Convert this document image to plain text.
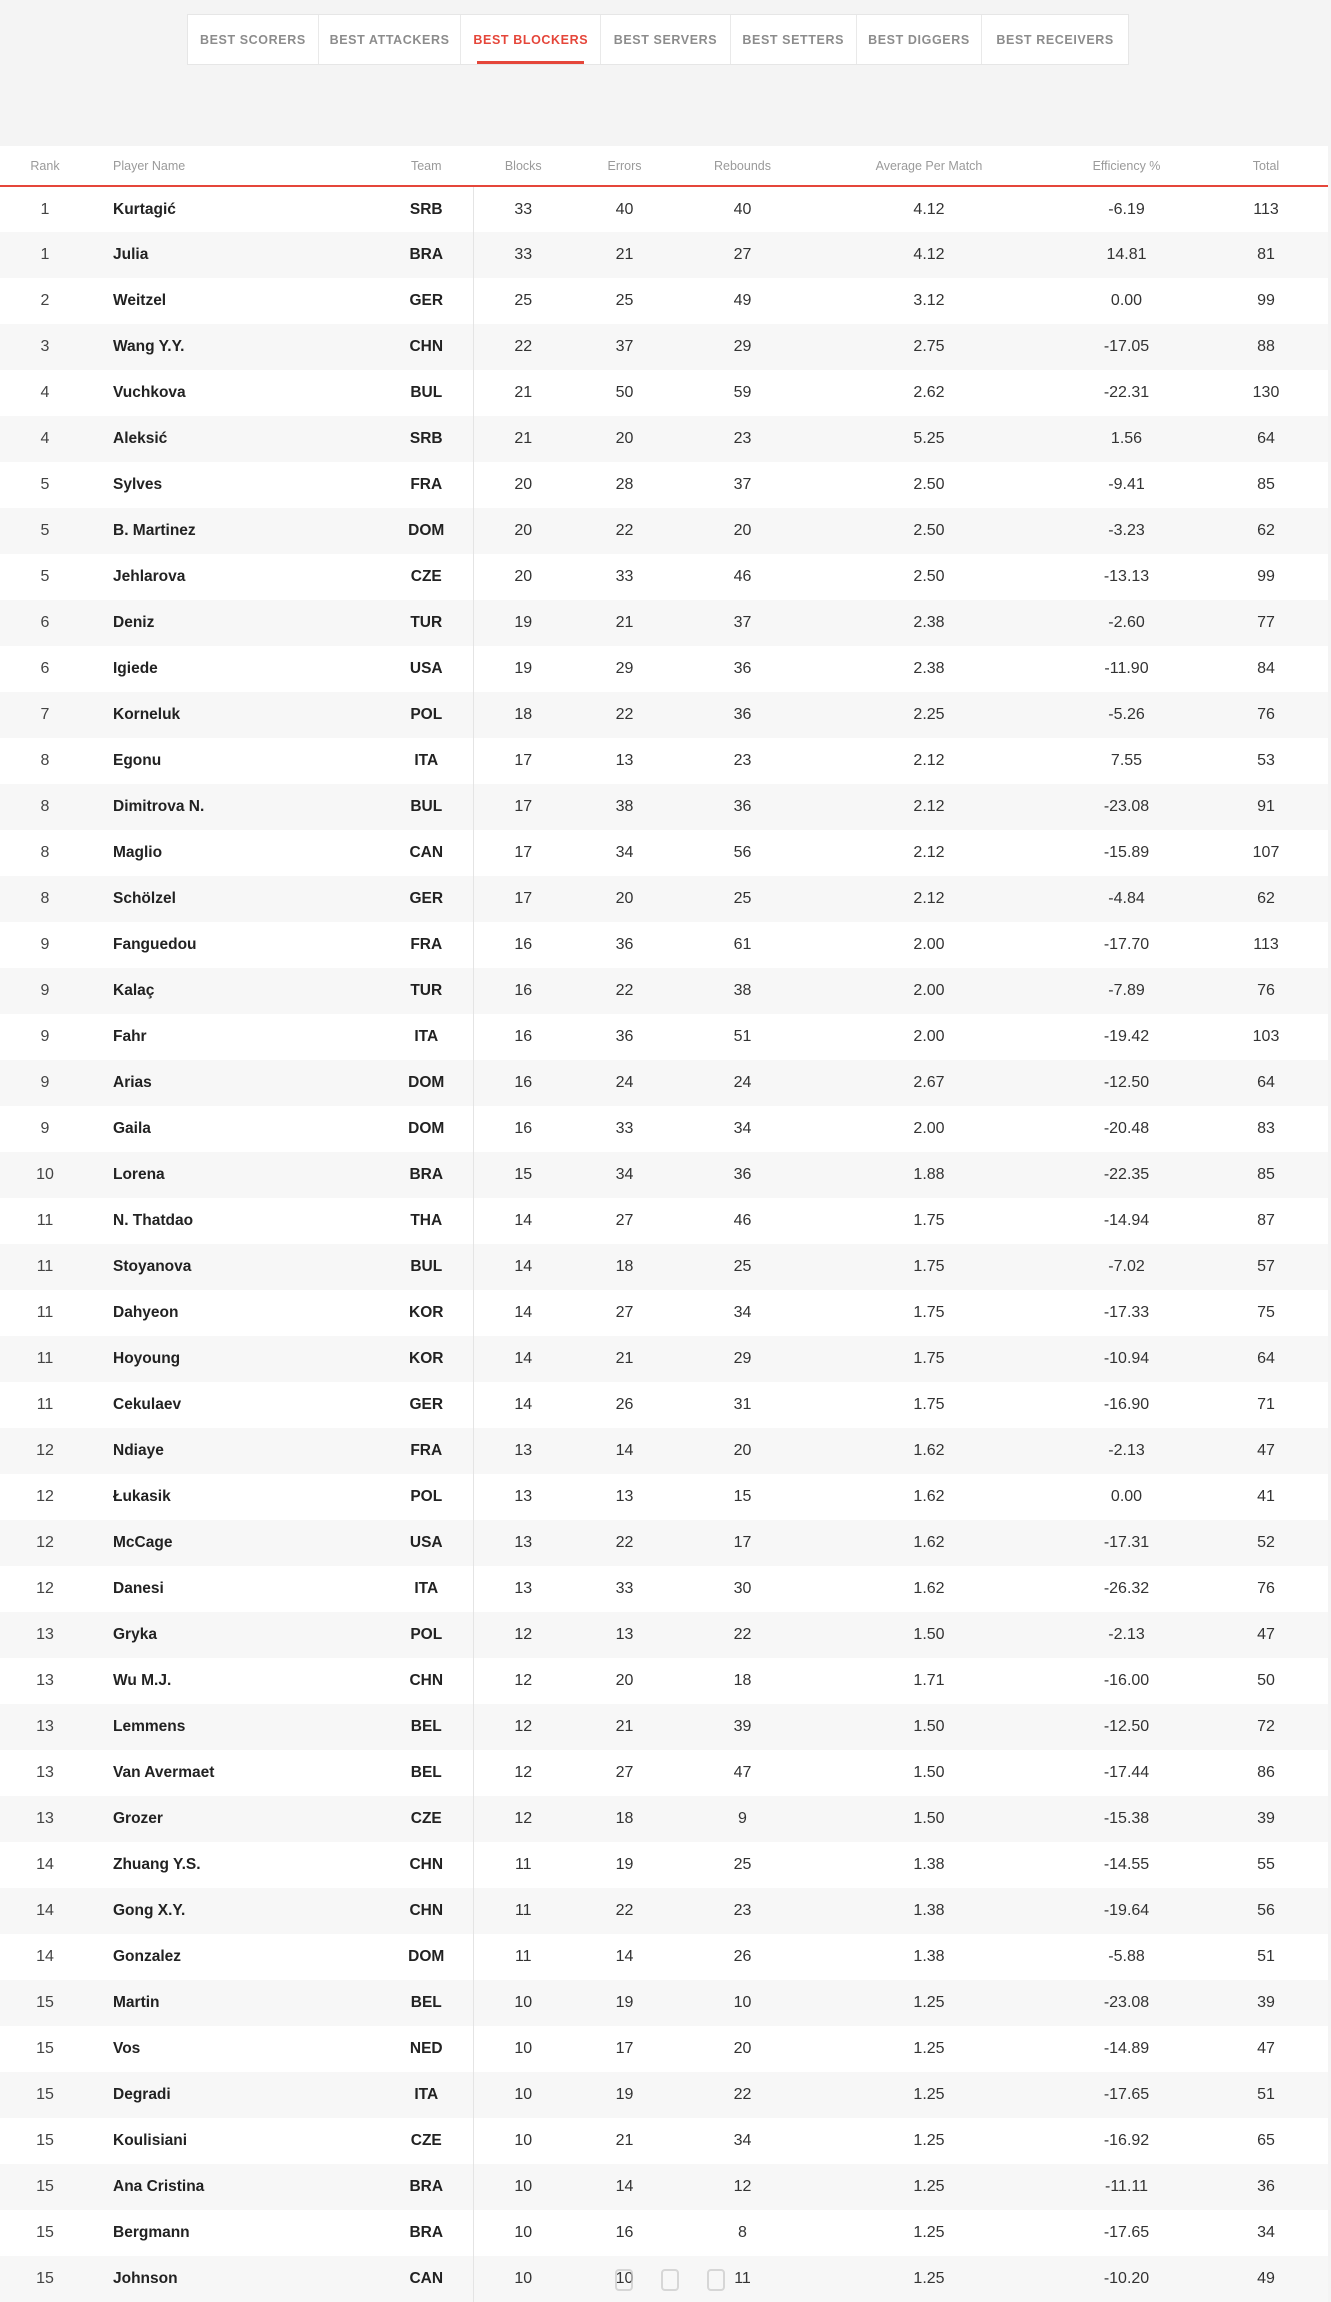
BEST SCORERS	BEST ATTACKERS	BEST BLOCKERS	BEST SERVERS	BEST SETTERS	BEST DIGGERS	BEST RECEIVERS
Rank	Player Name	Team	Blocks	Errors	Rebounds	Average Per Match	Efficiency %	Total
1	Kurtagić	SRB	33	40	40	4.12	-6.19	113
1	Julia	BRA	33	21	27	4.12	14.81	81
2	Weitzel	GER	25	25	49	3.12	0.00	99
3	Wang Y.Y.	CHN	22	37	29	2.75	-17.05	88
4	Vuchkova	BUL	21	50	59	2.62	-22.31	130
4	Aleksić	SRB	21	20	23	5.25	1.56	64
5	Sylves	FRA	20	28	37	2.50	-9.41	85
5	B. Martinez	DOM	20	22	20	2.50	-3.23	62
5	Jehlarova	CZE	20	33	46	2.50	-13.13	99
6	Deniz	TUR	19	21	37	2.38	-2.60	77
6	Igiede	USA	19	29	36	2.38	-11.90	84
7	Korneluk	POL	18	22	36	2.25	-5.26	76
8	Egonu	ITA	17	13	23	2.12	7.55	53
8	Dimitrova N.	BUL	17	38	36	2.12	-23.08	91
8	Maglio	CAN	17	34	56	2.12	-15.89	107
8	Schölzel	GER	17	20	25	2.12	-4.84	62
9	Fanguedou	FRA	16	36	61	2.00	-17.70	113
9	Kalaç	TUR	16	22	38	2.00	-7.89	76
9	Fahr	ITA	16	36	51	2.00	-19.42	103
9	Arias	DOM	16	24	24	2.67	-12.50	64
9	Gaila	DOM	16	33	34	2.00	-20.48	83
10	Lorena	BRA	15	34	36	1.88	-22.35	85
11	N. Thatdao	THA	14	27	46	1.75	-14.94	87
11	Stoyanova	BUL	14	18	25	1.75	-7.02	57
11	Dahyeon	KOR	14	27	34	1.75	-17.33	75
11	Hoyoung	KOR	14	21	29	1.75	-10.94	64
11	Cekulaev	GER	14	26	31	1.75	-16.90	71
12	Ndiaye	FRA	13	14	20	1.62	-2.13	47
12	Łukasik	POL	13	13	15	1.62	0.00	41
12	McCage	USA	13	22	17	1.62	-17.31	52
12	Danesi	ITA	13	33	30	1.62	-26.32	76
13	Gryka	POL	12	13	22	1.50	-2.13	47
13	Wu M.J.	CHN	12	20	18	1.71	-16.00	50
13	Lemmens	BEL	12	21	39	1.50	-12.50	72
13	Van Avermaet	BEL	12	27	47	1.50	-17.44	86
13	Grozer	CZE	12	18	9	1.50	-15.38	39
14	Zhuang Y.S.	CHN	11	19	25	1.38	-14.55	55
14	Gong X.Y.	CHN	11	22	23	1.38	-19.64	56
14	Gonzalez	DOM	11	14	26	1.38	-5.88	51
15	Martin	BEL	10	19	10	1.25	-23.08	39
15	Vos	NED	10	17	20	1.25	-14.89	47
15	Degradi	ITA	10	19	22	1.25	-17.65	51
15	Koulisiani	CZE	10	21	34	1.25	-16.92	65
15	Ana Cristina	BRA	10	14	12	1.25	-11.11	36
15	Bergmann	BRA	10	16	8	1.25	-17.65	34
15	Johnson	CAN	10	10	11	1.25	-10.20	49
